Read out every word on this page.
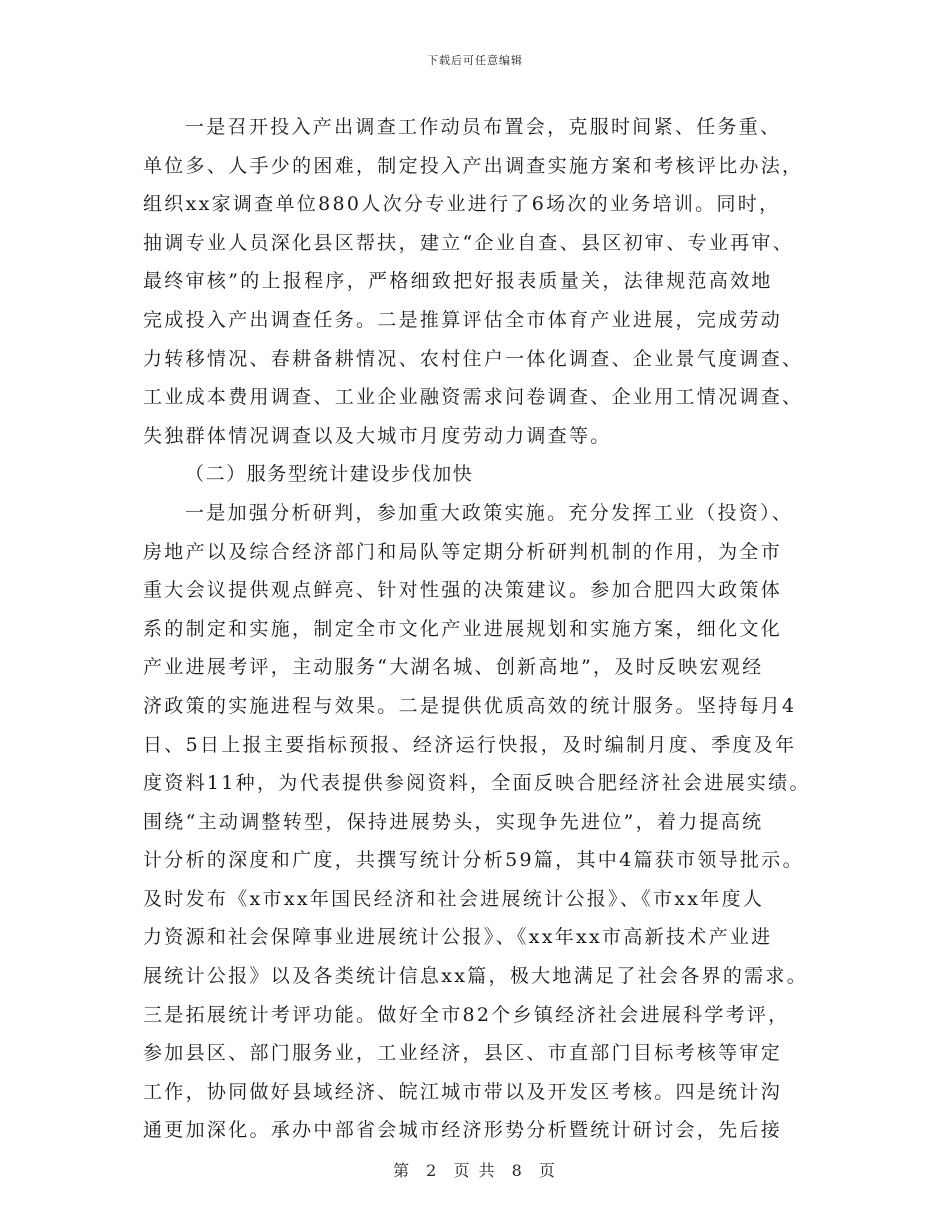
下载后可任意编辑
一是召开投入产出调查工作动员布置会，克服时间紧、任务重、
单位多、人手少的困难，制定投入产出调查实施方案和考核评比办法，
组织xx家调查单位880人次分专业进行了6场次的业务培训。同时，
抽调专业人员深化县区帮扶，建立“企业自查、县区初审、专业再审、
最终审核”的上报程序，严格细致把好报表质量关，法律规范高效地
完成投入产出调查任务。二是推算评估全市体育产业进展，完成劳动
力转移情况、春耕备耕情况、农村住户一体化调查、企业景气度调查、
工业成本费用调查、工业企业融资需求问卷调查、企业用工情况调查、
失独群体情况调查以及大城市月度劳动力调查等。
（二）服务型统计建设步伐加快
一是加强分析研判，参加重大政策实施。充分发挥工业（投资）、
房地产以及综合经济部门和局队等定期分析研判机制的作用，为全市
重大会议提供观点鲜亮、针对性强的决策建议。参加合肥四大政策体
系的制定和实施，制定全市文化产业进展规划和实施方案，细化文化
产业进展考评，主动服务“大湖名城、创新高地”，及时反映宏观经
济政策的实施进程与效果。二是提供优质高效的统计服务。坚持每月4
日、5日上报主要指标预报、经济运行快报，及时编制月度、季度及年
度资料11种，为代表提供参阅资料，全面反映合肥经济社会进展实绩。
围绕“主动调整转型，保持进展势头，实现争先进位”，着力提高统
计分析的深度和广度，共撰写统计分析59篇，其中4篇获市领导批示。
及时发布《x市xx年国民经济和社会进展统计公报》、《市xx年度人
力资源和社会保障事业进展统计公报》、《xx年xx市高新技术产业进
展统计公报》以及各类统计信息xx篇，极大地满足了社会各界的需求。
三是拓展统计考评功能。做好全市82个乡镇经济社会进展科学考评，
参加县区、部门服务业，工业经济，县区、市直部门目标考核等审定
工作，协同做好县域经济、皖江城市带以及开发区考核。四是统计沟
通更加深化。承办中部省会城市经济形势分析暨统计研讨会，先后接
第 2 页 共 8 页
